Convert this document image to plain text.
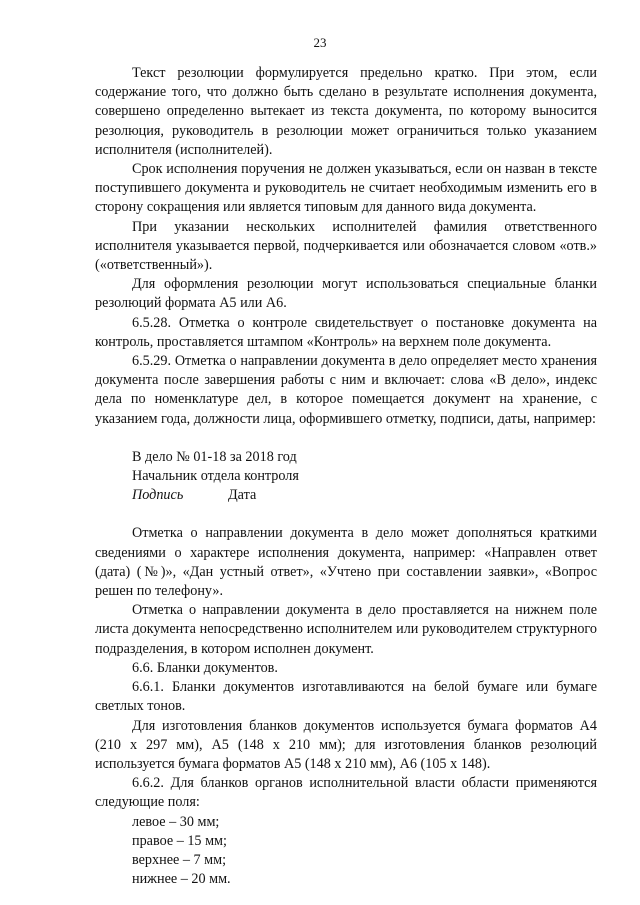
23

Текст резолюции формулируется предельно кратко. При этом, если содержание того, что должно быть сделано в результате исполнения документа, совершено определенно вытекает из текста документа, по которому выносится резолюция, руководитель в резолюции может ограничиться только указанием исполнителя (исполнителей).

Срок исполнения поручения не должен указываться, если он назван в тексте поступившего документа и руководитель не считает необходимым изменить его в сторону сокращения или является типовым для данного вида документа.

При указании нескольких исполнителей фамилия ответственного исполнителя указывается первой, подчеркивается или обозначается словом «отв.» («ответственный»).

Для оформления резолюции могут использоваться специальные бланки резолюций формата А5 или А6.

6.5.28. Отметка о контроле свидетельствует о постановке документа на контроль, проставляется штампом «Контроль» на верхнем поле документа.

6.5.29. Отметка о направлении документа в дело определяет место хранения документа после завершения работы с ним и включает: слова «В дело», индекс дела по номенклатуре дел, в которое помещается документ на хранение, с указанием года, должности лица, оформившего отметку, подписи, даты, например:

В дело № 01-18 за 2018 год
Начальник отдела контроля
Подпись	Дата

Отметка о направлении документа в дело может дополняться краткими сведениями о характере исполнения документа, например: «Направлен ответ (дата) (№)», «Дан устный ответ», «Учтено при составлении заявки», «Вопрос решен по телефону».

Отметка о направлении документа в дело проставляется на нижнем поле листа документа непосредственно исполнителем или руководителем структурного подразделения, в котором исполнен документ.

6.6. Бланки документов.

6.6.1. Бланки документов изготавливаются на белой бумаге или бумаге светлых тонов.

Для изготовления бланков документов используется бумага форматов А4 (210 х 297 мм), А5 (148 х 210 мм); для изготовления бланков резолюций используется бумага форматов А5 (148 х 210 мм), А6 (105 х 148).

6.6.2. Для бланков органов исполнительной власти области применяются следующие поля:

левое – 30 мм;
правое – 15 мм;
верхнее – 7 мм;
нижнее – 20 мм.
